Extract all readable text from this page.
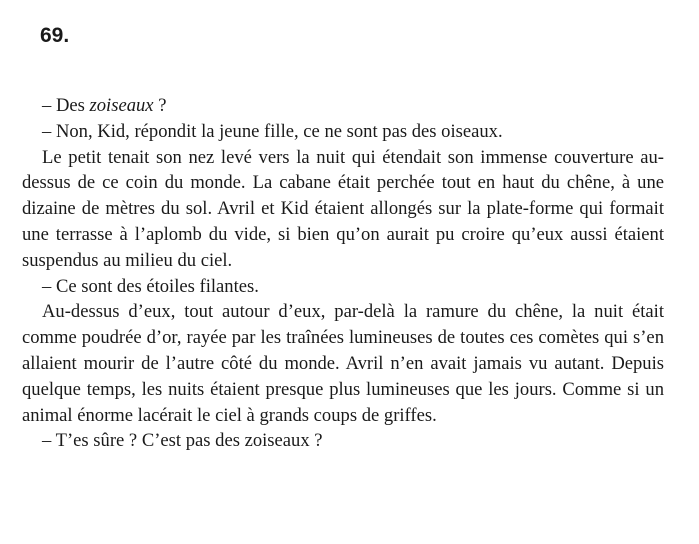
69.

– Des zoiseaux ?

– Non, Kid, répondit la jeune fille, ce ne sont pas des oiseaux.

Le petit tenait son nez levé vers la nuit qui étendait son immense couverture au-dessus de ce coin du monde. La cabane était perchée tout en haut du chêne, à une dizaine de mètres du sol. Avril et Kid étaient allongés sur la plate-forme qui formait une terrasse à l’aplomb du vide, si bien qu’on aurait pu croire qu’eux aussi étaient suspendus au milieu du ciel.

– Ce sont des étoiles filantes.

Au-dessus d’eux, tout autour d’eux, par-delà la ramure du chêne, la nuit était comme poudrée d’or, rayée par les traînées lumineuses de toutes ces comètes qui s’en allaient mourir de l’autre côté du monde. Avril n’en avait jamais vu autant. Depuis quelque temps, les nuits étaient presque plus lumineuses que les jours. Comme si un animal énorme lacérait le ciel à grands coups de griffes.

– T’es sûre ? C’est pas des zoiseaux ?
